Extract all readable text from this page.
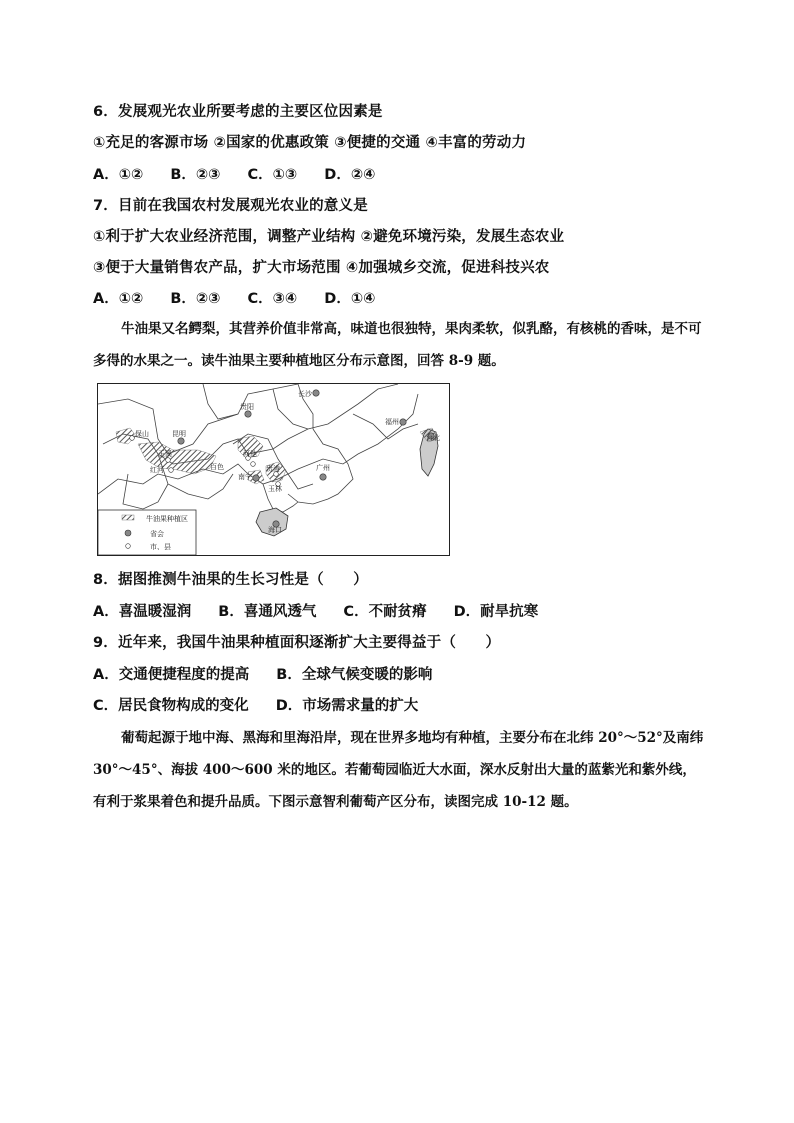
6．发展观光农业所要考虑的主要区位因素是
①充足的客源市场 ②国家的优惠政策 ③便捷的交通 ④丰富的劳动力
A．①② B．②③ C．①③ D．②④
7．目前在我国农村发展观光农业的意义是
①利于扩大农业经济范围，调整产业结构 ②避免环境污染，发展生态农业
③便于大量销售农产品，扩大市场范围 ④加强城乡交流，促进科技兴农
A．①② B．②③ C．③④ D．①④
牛油果又名鳄梨，其营养价值非常高，味道也很独特，果肉柔软，似乳酪，有核桃的香味，是不可多得的水果之一。读牛油果主要种植地区分布示意图，回答 8-9 题。
长沙
贵阳
昆明
保山
玉溪
红河
河池
百色
南宁
贵港
玉林
广州
福州
台北
海口
牛油果种植区
省会
市、县
8．据图推测牛油果的生长习性是（　　）
A．喜温暖湿润 B．喜通风透气 C．不耐贫瘠 D．耐旱抗寒
9．近年来，我国牛油果种植面积逐渐扩大主要得益于（　　）
A．交通便捷程度的提高 B．全球气候变暖的影响
C．居民食物构成的变化 D．市场需求量的扩大
葡萄起源于地中海、黑海和里海沿岸，现在世界多地均有种植，主要分布在北纬 20°～52°及南纬 30°～45°、海拔 400～600 米的地区。若葡萄园临近大水面，深水反射出大量的蓝紫光和紫外线，有利于浆果着色和提升品质。下图示意智利葡萄产区分布，读图完成 10-12 题。
